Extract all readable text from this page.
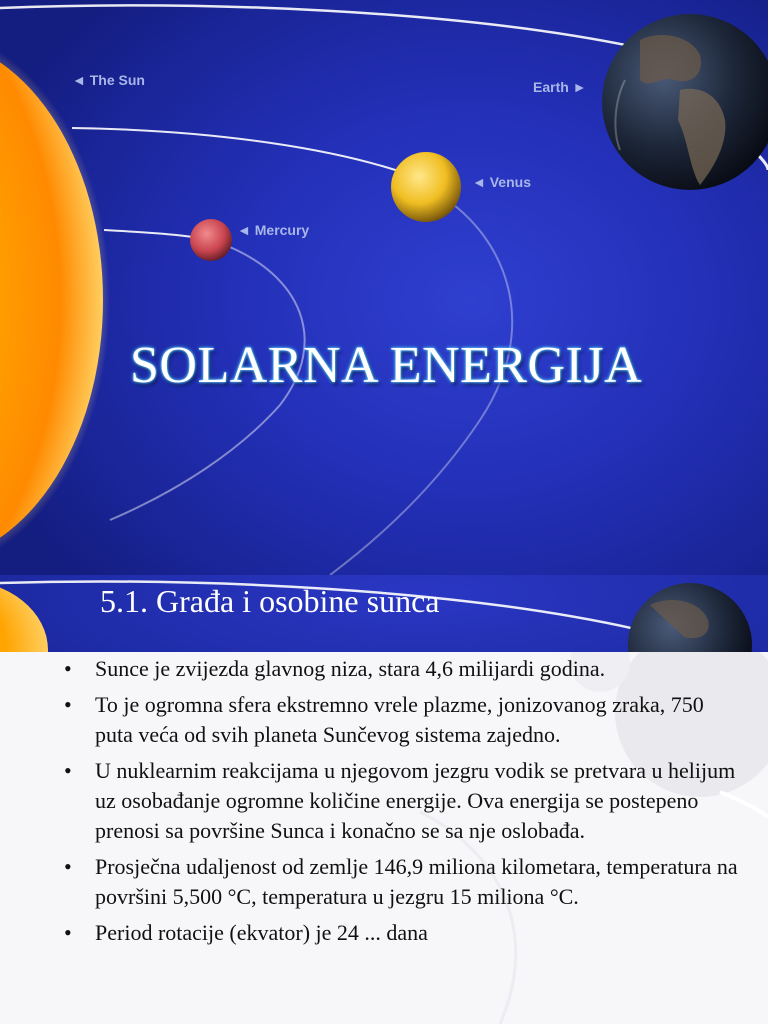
◄ The Sun	Earth ►
◄ Venus
◄ Mercury
SOLARNA ENERGIJA
5.1. Građa i osobine sunca
• Sunce je zvijezda glavnog niza, stara 4,6 milijardi godina.
• To je ogromna sfera ekstremno vrele plazme, jonizovanog zraka, 750 puta veća od svih planeta Sunčevog sistema zajedno.
• U nuklearnim reakcijama u njegovom jezgru vodik se pretvara u helijum uz osobađanje ogromne količine energije. Ova energija se postepeno prenosi sa površine Sunca i konačno se sa nje oslobađa.
• Prosječna udaljenost od zemlje 146,9 miliona kilometara, temperatura na površini 5,500 °C, temperatura u jezgru 15 miliona °C.
• Period rotacije (ekvator) je 24 ... dana
